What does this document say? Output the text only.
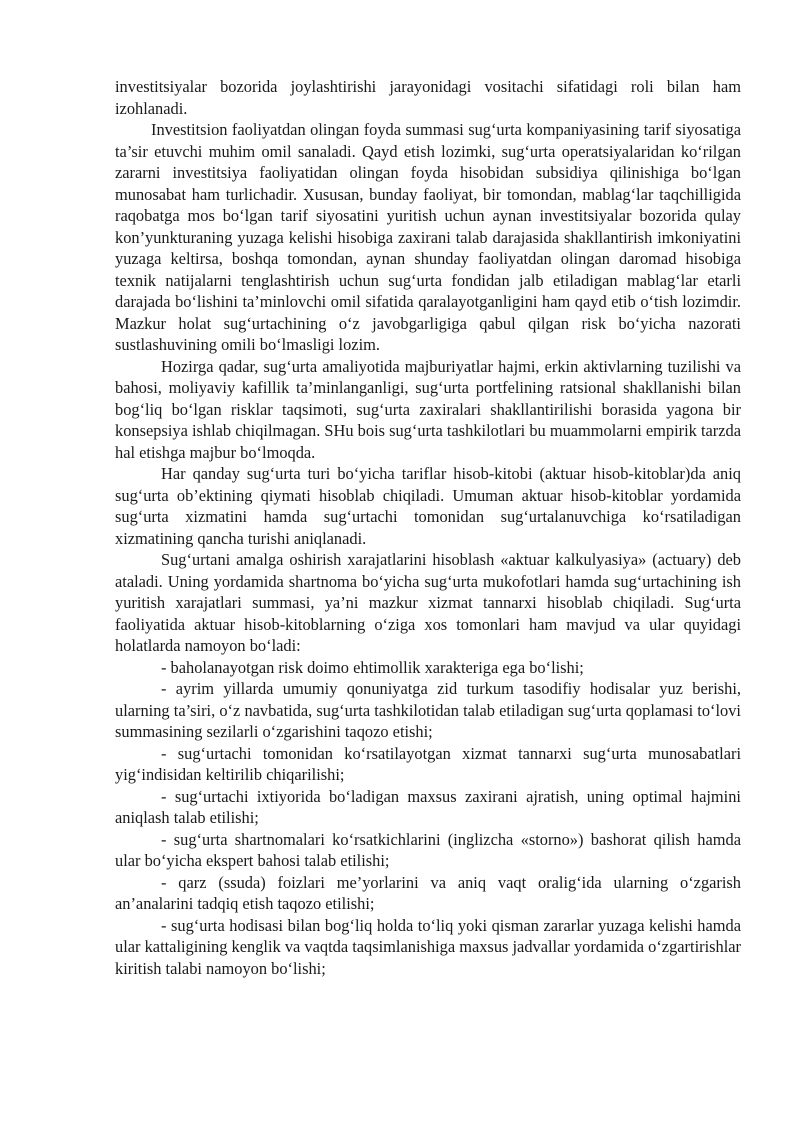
investitsiyalar bozorida joylashtirishi jarayonidagi vositachi sifatidagi roli bilan ham izohlanadi.

Investitsion faoliyatdan olingan foyda summasi sug‘urta kompaniyasining tarif siyosatiga ta’sir etuvchi muhim omil sanaladi. Qayd etish lozimki, sug‘urta operatsiyalaridan ko‘rilgan zararni investitsiya faoliyatidan olingan foyda hisobidan subsidiya qilinishiga bo‘lgan munosabat ham turlichadir. Xususan, bunday faoliyat, bir tomondan, mablag‘lar taqchilligida raqobatga mos bo‘lgan tarif siyosatini yuritish uchun aynan investitsiyalar bozorida qulay kon’yunkturaning yuzaga kelishi hisobiga zaxirani talab darajasida shakllantirish imkoniyatini yuzaga keltirsa, boshqa tomondan, aynan shunday faoliyatdan olingan daromad hisobiga texnik natijalarni tenglashtirish uchun sug‘urta fondidan jalb etiladigan mablag‘lar etarli darajada bo‘lishini ta’minlovchi omil sifatida qaralayotganligini ham qayd etib o‘tish lozimdir. Mazkur holat sug‘urtachining o‘z javobgarligiga qabul qilgan risk bo‘yicha nazorati sustlashuvining omili bo‘lmasligi lozim.

Hozirga qadar, sug‘urta amaliyotida majburiyatlar hajmi, erkin aktivlarning tuzilishi va bahosi, moliyaviy kafillik ta’minlanganligi, sug‘urta portfelining ratsional shakllanishi bilan bog‘liq bo‘lgan risklar taqsimoti, sug‘urta zaxiralari shakllantirilishi borasida yagona bir konsepsiya ishlab chiqilmagan. SHu bois sug‘urta tashkilotlari bu muammolarni empirik tarzda hal etishga majbur bo‘lmoqda.

Har qanday sug‘urta turi bo‘yicha tariflar hisob-kitobi (aktuar hisob-kitoblar)da aniq sug‘urta ob’ektining qiymati hisoblab chiqiladi. Umuman aktuar hisob-kitoblar yordamida sug‘urta xizmatini hamda sug‘urtachi tomonidan sug‘urtalanuvchiga ko‘rsatiladigan xizmatining qancha turishi aniqlanadi.

Sug‘urtani amalga oshirish xarajatlarini hisoblash «aktuar kalkulyasiya» (actuary) deb ataladi. Uning yordamida shartnoma bo‘yicha sug‘urta mukofotlari hamda sug‘urtachining ish yuritish xarajatlari summasi, ya’ni mazkur xizmat tannarxi hisoblab chiqiladi. Sug‘urta faoliyatida aktuar hisob-kitoblarning o‘ziga xos tomonlari ham mavjud va ular quyidagi holatlarda namoyon bo‘ladi:

- baholanayotgan risk doimo ehtimollik xarakteriga ega bo‘lishi;

- ayrim yillarda umumiy qonuniyatga zid turkum tasodifiy hodisalar yuz berishi, ularning ta’siri, o‘z navbatida, sug‘urta tashkilotidan talab etiladigan sug‘urta qoplamasi to‘lovi summasining sezilarli o‘zgarishini taqozo etishi;

- sug‘urtachi tomonidan ko‘rsatilayotgan xizmat tannarxi sug‘urta munosabatlari yig‘indisidan keltirilib chiqarilishi;

- sug‘urtachi ixtiyorida bo‘ladigan maxsus zaxirani ajratish, uning optimal hajmini aniqlash talab etilishi;

- sug‘urta shartnomalari ko‘rsatkichlarini (inglizcha «storno») bashorat qilish hamda ular bo‘yicha ekspert bahosi talab etilishi;

- qarz (ssuda) foizlari me’yorlarini va aniq vaqt oralig‘ida ularning o‘zgarish an’analarini tadqiq etish taqozo etilishi;

- sug‘urta hodisasi bilan bog‘liq holda to‘liq yoki qisman zararlar yuzaga kelishi hamda ular kattaligining kenglik va vaqtda taqsimlanishiga maxsus jadvallar yordamida o‘zgartirishlar kiritish talabi namoyon bo‘lishi;
